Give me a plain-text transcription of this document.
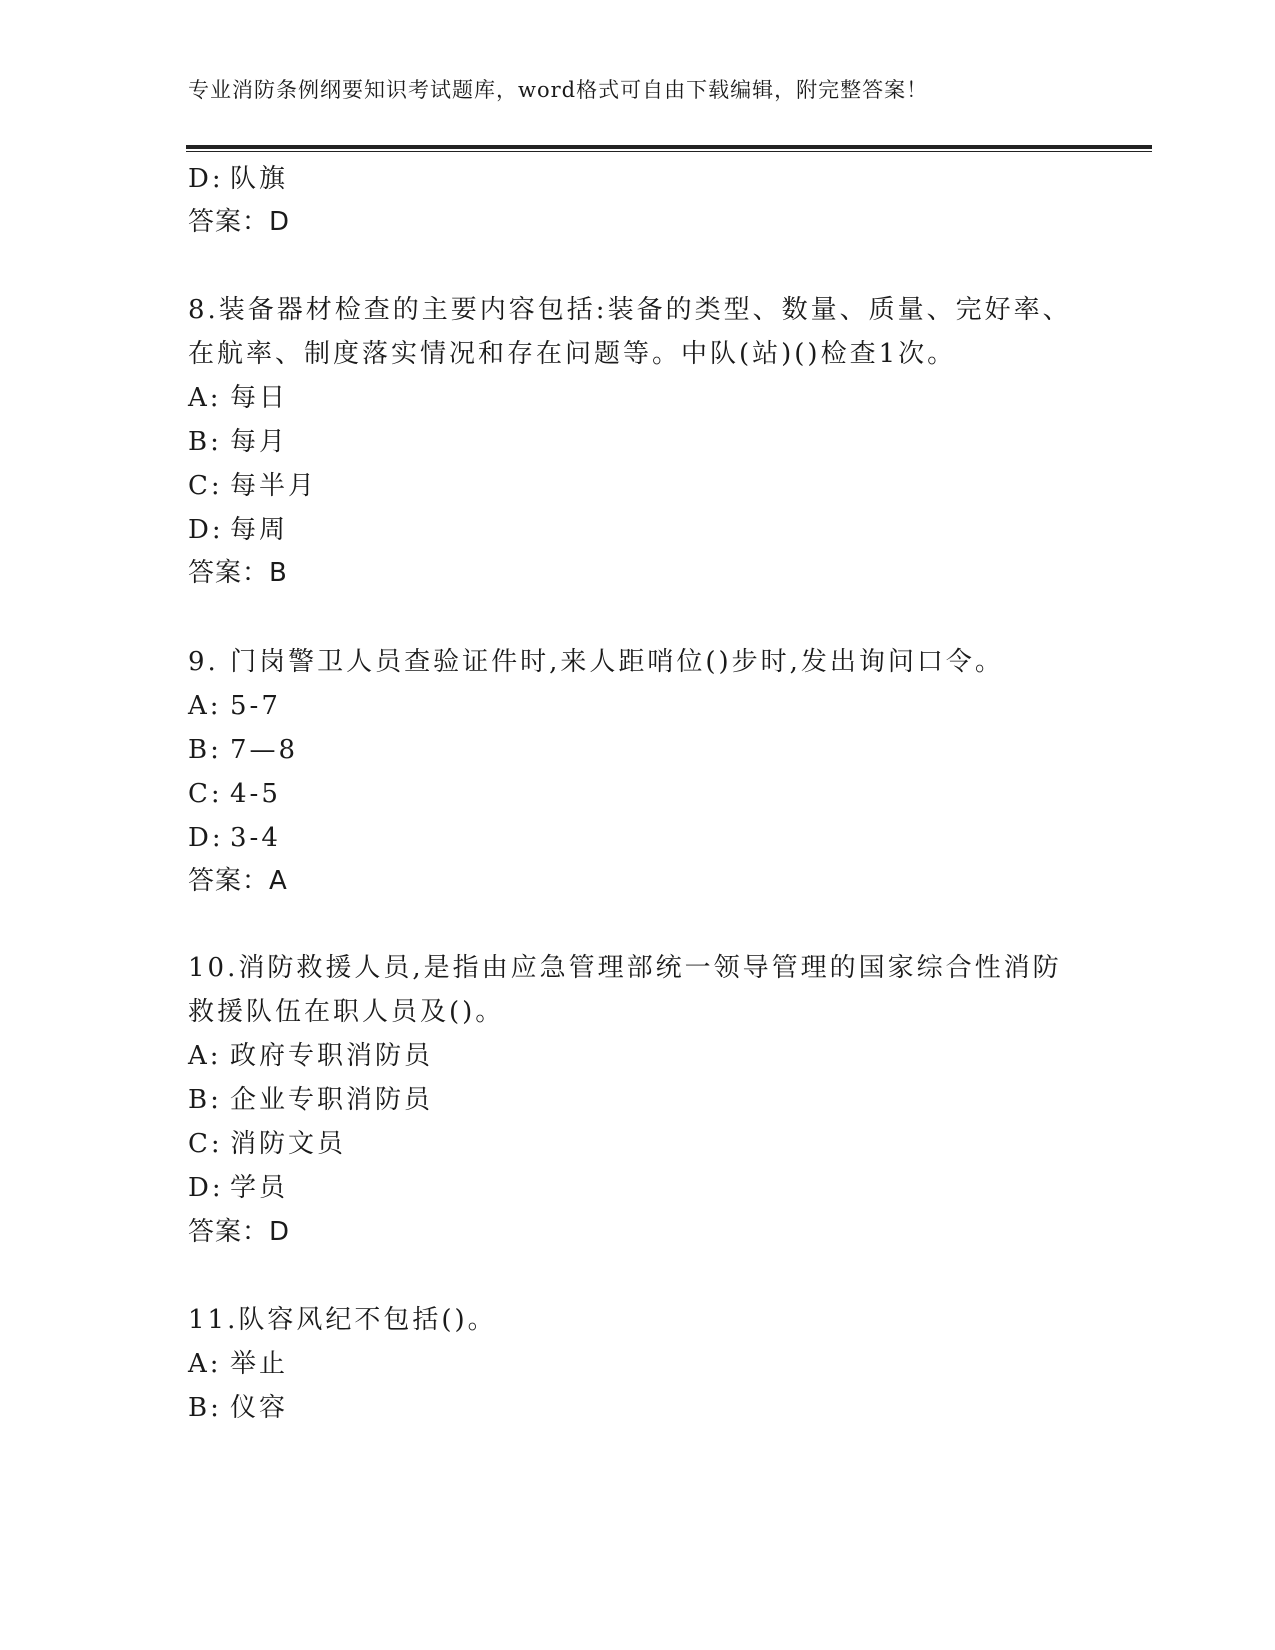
专业消防条例纲要知识考试题库，word格式可自由下载编辑，附完整答案！
D: 队旗
答案：D
8.装备器材检查的主要内容包括:装备的类型、数量、质量、完好率、
在航率、制度落实情况和存在问题等。中队(站)()检查1次。
A: 每日
B: 每月
C: 每半月
D: 每周
答案：B
9. 门岗警卫人员查验证件时,来人距哨位()步时,发出询问口令。
A: 5-7
B: 7—8
C: 4-5
D: 3-4
答案：A
10.消防救援人员,是指由应急管理部统一领导管理的国家综合性消防
救援队伍在职人员及()。
A: 政府专职消防员
B: 企业专职消防员
C: 消防文员
D: 学员
答案：D
11.队容风纪不包括()。
A: 举止
B: 仪容
